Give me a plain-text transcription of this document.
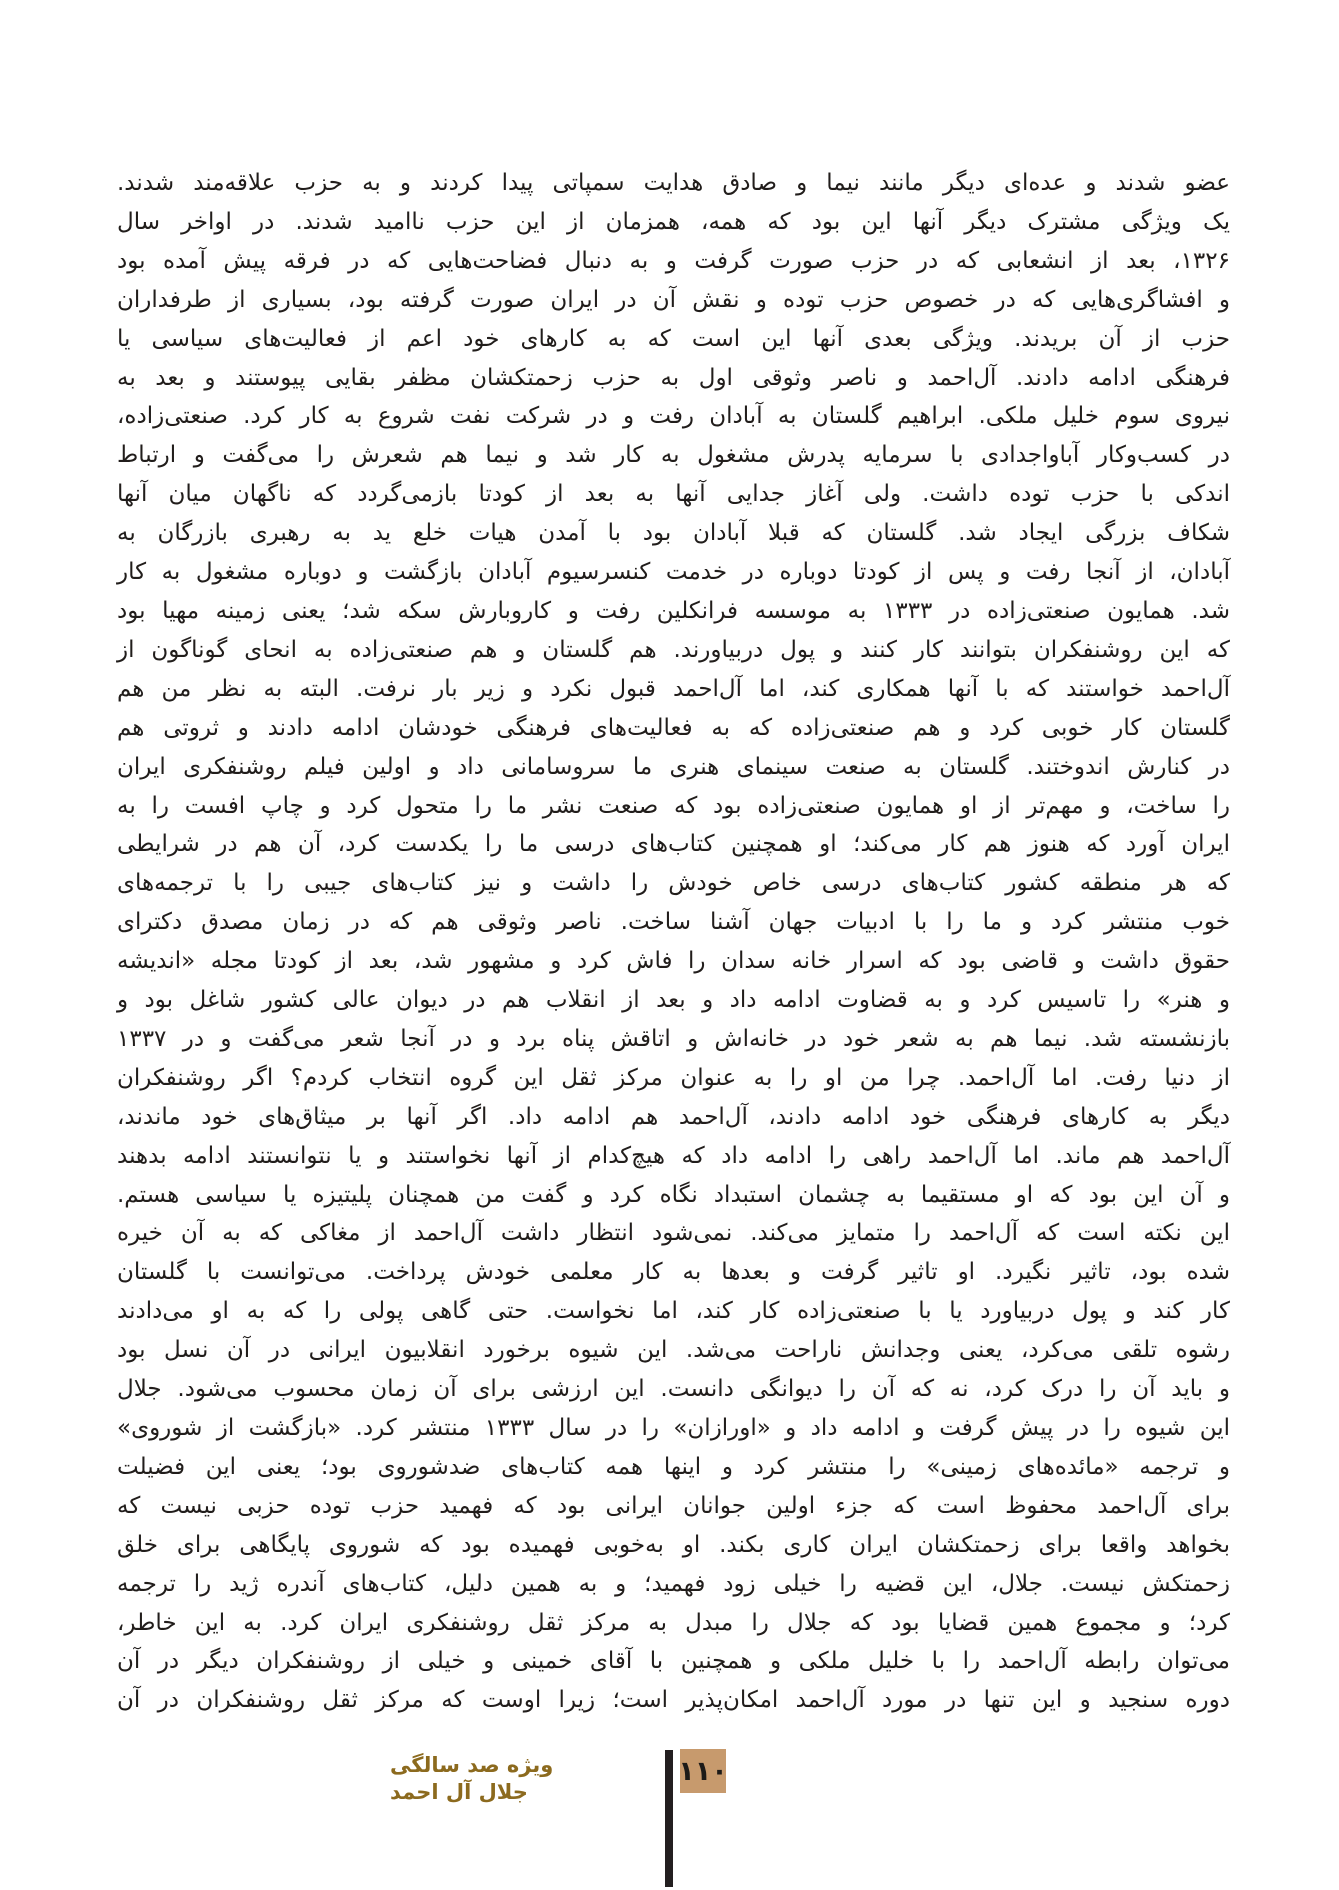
عضو شدند و عده‌ای دیگر مانند نیما و صادق هدایت سمپاتی پیدا کردند و به حزب علاقه‌مند شدند.
یک ویژگی مشترک دیگر آنها این بود که همه، همزمان از این حزب ناامید شدند. در اواخر سال
۱۳۲۶، بعد از انشعابی که در حزب صورت گرفت و به دنبال فضاحت‌هایی که در فرقه پیش آمده بود
و افشاگری‌هایی که در خصوص حزب توده و نقش آن در ایران صورت گرفته بود، بسیاری از طرفداران
حزب از آن بریدند. ویژگی بعدی آنها این است که به کارهای خود اعم از فعالیت‌های سیاسی یا
فرهنگی ادامه دادند. آل‌احمد و ناصر وثوقی اول به حزب زحمتکشان مظفر بقایی پیوستند و بعد به
نیروی سوم خلیل ملکی. ابراهیم گلستان به آبادان رفت و در شرکت نفت شروع به کار کرد. صنعتی‌زاده،
در کسب‌وکار آباواجدادی با سرمایه پدرش مشغول به کار شد و نیما هم شعرش را می‌گفت و ارتباط
اندکی با حزب توده داشت. ولی آغاز جدایی آنها به بعد از کودتا بازمی‌گردد که ناگهان میان آنها
شکاف بزرگی ایجاد شد. گلستان که قبلا آبادان بود با آمدن هیات خلع ید به رهبری بازرگان به
آبادان، از آنجا رفت و پس از کودتا دوباره در خدمت کنسرسیوم آبادان بازگشت و دوباره مشغول به کار
شد. همایون صنعتی‌زاده در ۱۳۳۳ به موسسه فرانکلین رفت و کاروبارش سکه شد؛ یعنی زمینه مهیا بود
که این روشنفکران بتوانند کار کنند و پول دربیاورند. هم گلستان و هم صنعتی‌زاده به انحای گوناگون از
آل‌احمد خواستند که با آنها همکاری کند، اما آل‌احمد قبول نکرد و زیر بار نرفت. البته به نظر من هم
گلستان کار خوبی کرد و هم صنعتی‌زاده که به فعالیت‌های فرهنگی خودشان ادامه دادند و ثروتی هم
در کنارش اندوختند. گلستان به صنعت سینمای هنری ما سروسامانی داد و اولین فیلم روشنفکری ایران
را ساخت، و مهم‌تر از او همایون صنعتی‌زاده بود که صنعت نشر ما را متحول کرد و چاپ افست را به
ایران آورد که هنوز هم کار می‌کند؛ او همچنین کتاب‌های درسی ما را یکدست کرد، آن هم در شرایطی
که هر منطقه کشور کتاب‌های درسی خاص خودش را داشت و نیز کتاب‌های جیبی را با ترجمه‌های
خوب منتشر کرد و ما را با ادبیات جهان آشنا ساخت. ناصر وثوقی هم که در زمان مصدق دکترای
حقوق داشت و قاضی بود که اسرار خانه سدان را فاش کرد و مشهور شد، بعد از کودتا مجله «اندیشه
و هنر» را تاسیس کرد و به قضاوت ادامه داد و بعد از انقلاب هم در دیوان عالی کشور شاغل بود و
بازنشسته شد. نیما هم به شعر خود در خانه‌اش و اتاقش پناه برد و در آنجا شعر می‌گفت و در ۱۳۳۷
از دنیا رفت. اما آل‌احمد. چرا من او را به عنوان مرکز ثقل این گروه انتخاب کردم؟ اگر روشنفکران
دیگر به کارهای فرهنگی خود ادامه دادند، آل‌احمد هم ادامه داد. اگر آنها بر میثاق‌های خود ماندند،
آل‌احمد هم ماند. اما آل‌احمد راهی را ادامه داد که هیچ‌کدام از آنها نخواستند و یا نتوانستند ادامه بدهند
و آن این بود که او مستقیما به چشمان استبداد نگاه کرد و گفت من همچنان پلیتیزه یا سیاسی هستم.
این نکته است که آل‌احمد را متمایز می‌کند. نمی‌شود انتظار داشت آل‌احمد از مغاکی که به آن خیره
شده بود، تاثیر نگیرد. او تاثیر گرفت و بعدها به کار معلمی خودش پرداخت. می‌توانست با گلستان
کار کند و پول دربیاورد یا با صنعتی‌زاده کار کند، اما نخواست. حتی گاهی پولی را که به او می‌دادند
رشوه تلقی می‌کرد، یعنی وجدانش ناراحت می‌شد. این شیوه برخورد انقلابیون ایرانی در آن نسل بود
و باید آن را درک کرد، نه که آن را دیوانگی دانست. این ارزشی برای آن زمان محسوب می‌شود. جلال
این شیوه را در پیش گرفت و ادامه داد و «اورازان» را در سال ۱۳۳۳ منتشر کرد. «بازگشت از شوروی»
و ترجمه «مائده‌های زمینی» را منتشر کرد و اینها همه کتاب‌های ضدشوروی بود؛ یعنی این فضیلت
برای آل‌احمد محفوظ است که جزء اولین جوانان ایرانی بود که فهمید حزب توده حزبی نیست که
بخواهد واقعا برای زحمتکشان ایران کاری بکند. او به‌خوبی فهمیده بود که شوروی پایگاهی برای خلق
زحمتکش نیست. جلال، این قضیه را خیلی زود فهمید؛ و به همین دلیل، کتاب‌های آندره ژید را ترجمه
کرد؛ و مجموع همین قضایا بود که جلال را مبدل به مرکز ثقل روشنفکری ایران کرد. به این خاطر،
می‌توان رابطه آل‌احمد را با خلیل ملکی و همچنین با آقای خمینی و خیلی از روشنفکران دیگر در آن
دوره سنجید و این تنها در مورد آل‌احمد امکان‌پذیر است؛ زیرا اوست که مرکز ثقل روشنفکران در آن
ویژه صد سالگی
جلال آل احمد
۱۱۰
